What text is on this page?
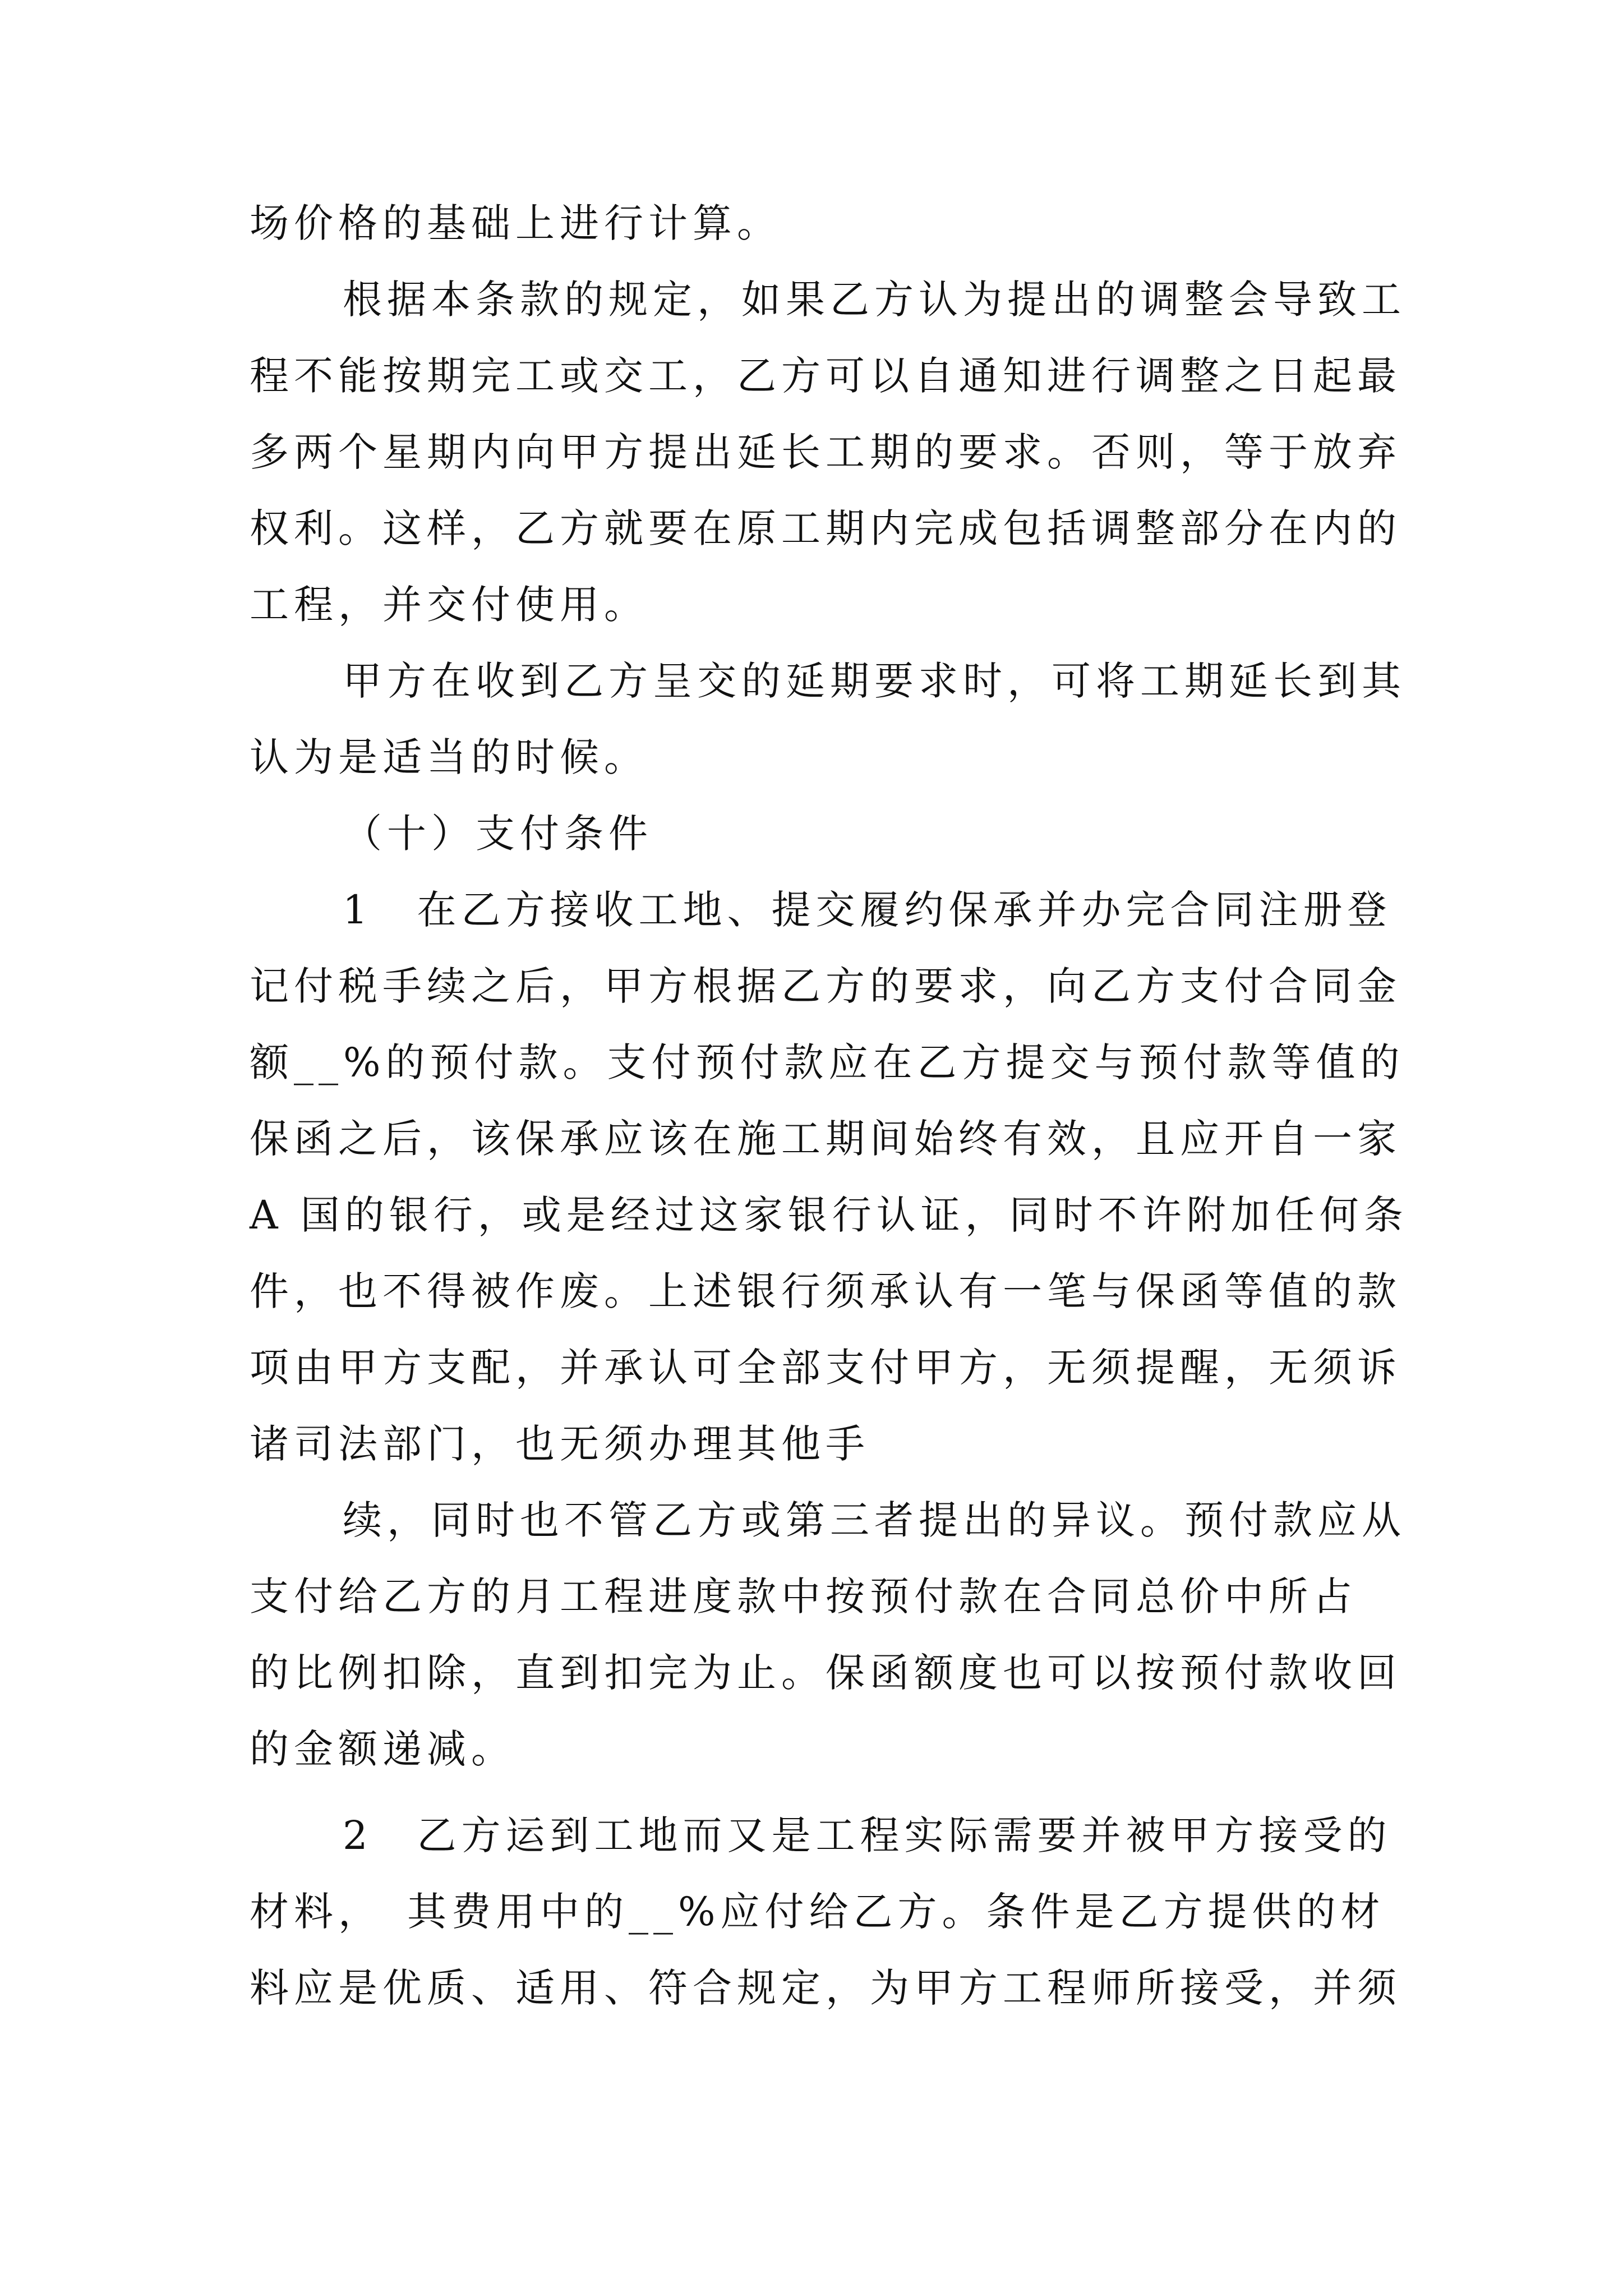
场价格的基础上进行计算。
根据本条款的规定，如果乙方认为提出的调整会导致工
程不能按期完工或交工，乙方可以自通知进行调整之日起最
多两个星期内向甲方提出延长工期的要求。否则，等于放弃
权利。这样，乙方就要在原工期内完成包括调整部分在内的
工程，并交付使用。
甲方在收到乙方呈交的延期要求时，可将工期延长到其
认为是适当的时候。
（十）支付条件
1　在乙方接收工地、提交履约保承并办完合同注册登
记付税手续之后，甲方根据乙方的要求，向乙方支付合同金
额__%的预付款。支付预付款应在乙方提交与预付款等值的
保函之后，该保承应该在施工期间始终有效，且应开自一家
A 国的银行，或是经过这家银行认证，同时不许附加任何条
件，也不得被作废。上述银行须承认有一笔与保函等值的款
项由甲方支配，并承认可全部支付甲方，无须提醒，无须诉
诸司法部门，也无须办理其他手
续，同时也不管乙方或第三者提出的异议。预付款应从
支付给乙方的月工程进度款中按预付款在合同总价中所占
的比例扣除，直到扣完为止。保函额度也可以按预付款收回
的金额递减。
2　乙方运到工地而又是工程实际需要并被甲方接受的
材料，　其费用中的__%应付给乙方。条件是乙方提供的材
料应是优质、适用、符合规定，为甲方工程师所接受，并须
